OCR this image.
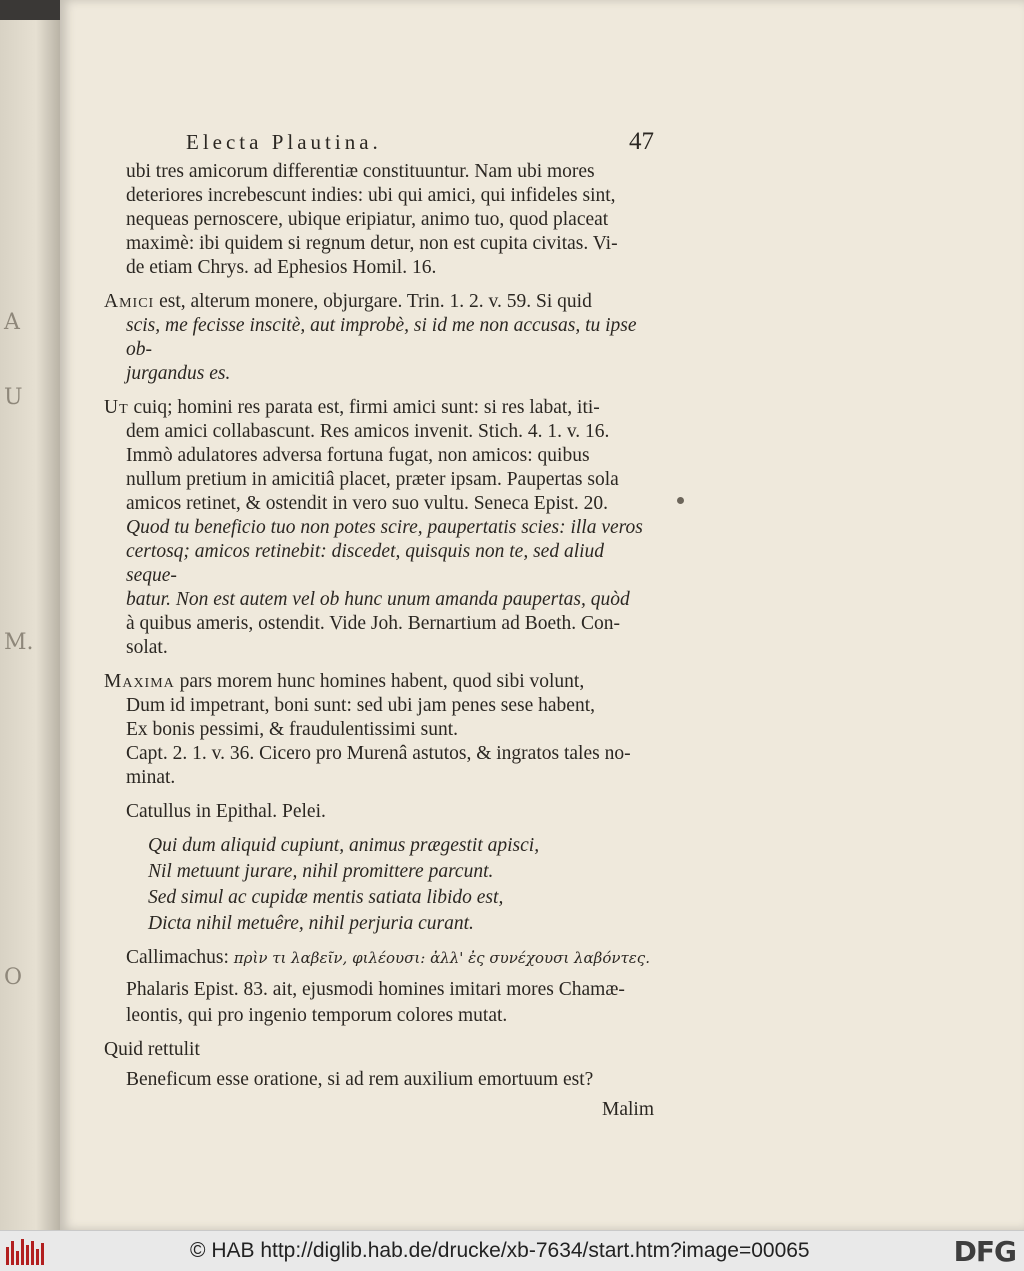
A
U
M.
O
Electa Plautina.	47
ubi tres amicorum differentiæ constituuntur. Nam ubi mores
deteriores increbescunt indies: ubi qui amici, qui infideles sint,
nequeas pernoscere, ubique eripiatur, animo tuo, quod placeat
maximè: ibi quidem si regnum detur, non est cupita civitas. Vi-
de etiam Chrys. ad Ephesios Homil. 16.
Amici est, alterum monere, objurgare. Trin. 1. 2. v. 59. Si quid
scis, me fecisse inscitè, aut improbè, si id me non accusas, tu ipse ob-
jurgandus es.
Ut cuiq; homini res parata est, firmi amici sunt: si res labat, iti-
dem amici collabascunt. Res amicos invenit. Stich. 4. 1. v. 16.
Immò adulatores adversa fortuna fugat, non amicos: quibus
nullum pretium in amicitiâ placet, præter ipsam. Paupertas sola
amicos retinet, & ostendit in vero suo vultu. Seneca Epist. 20.
Quod tu beneficio tuo non potes scire, paupertatis scies: illa veros
certosq; amicos retinebit: discedet, quisquis non te, sed aliud seque-
batur. Non est autem vel ob hunc unum amanda paupertas, quòd
à quibus ameris, ostendit. Vide Joh. Bernartium ad Boeth. Con-
solat.
Maxima pars morem hunc homines habent, quod sibi volunt,
Dum id impetrant, boni sunt: sed ubi jam penes sese habent,
Ex bonis pessimi, & fraudulentissimi sunt.
Capt. 2. 1. v. 36. Cicero pro Murenâ astutos, & ingratos tales no-
minat.
Catullus in Epithal. Pelei.
Qui dum aliquid cupiunt, animus prægestit apisci,
Nil metuunt jurare, nihil promittere parcunt.
Sed simul ac cupidæ mentis satiata libido est,
Dicta nihil metuêre, nihil perjuria curant.
Callimachus: πρὶν τι λαβεῖν, φιλέουσι: ἀλλ' ἐς συνέχουσι λαβόντες.
Phalaris Epist. 83. ait, ejusmodi homines imitari mores Chamæ-
leontis, qui pro ingenio temporum colores mutat.
Quid rettulit
Beneficum esse oratione, si ad rem auxilium emortuum est?
Malim
© HAB http://diglib.hab.de/drucke/xb-7634/start.htm?image=00065	DFG
